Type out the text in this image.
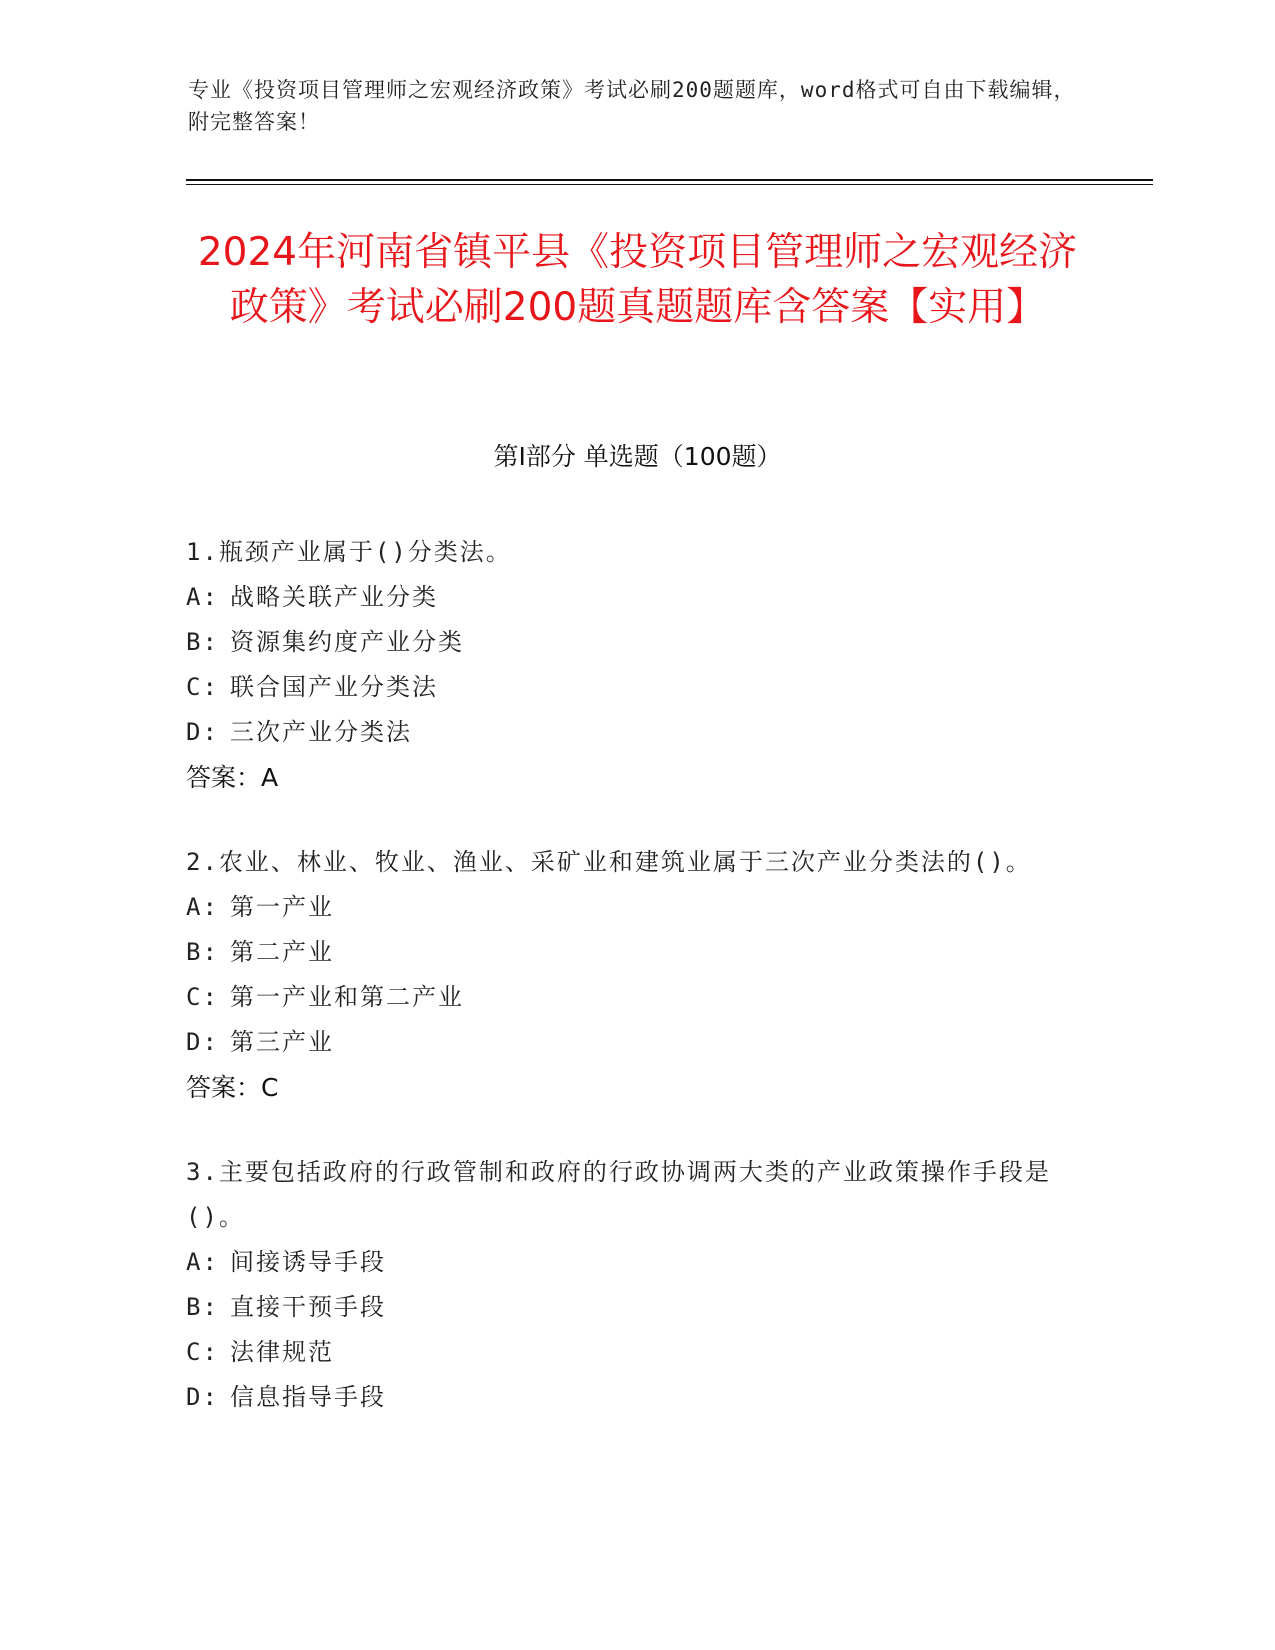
专业《投资项目管理师之宏观经济政策》考试必刷200题题库，word格式可自由下载编辑，附完整答案！
2024年河南省镇平县《投资项目管理师之宏观经济政策》考试必刷200题真题题库含答案【实用】
第I部分 单选题（100题）
1.瓶颈产业属于()分类法。
A: 战略关联产业分类
B: 资源集约度产业分类
C: 联合国产业分类法
D: 三次产业分类法
答案：A
2.农业、林业、牧业、渔业、采矿业和建筑业属于三次产业分类法的()。
A: 第一产业
B: 第二产业
C: 第一产业和第二产业
D: 第三产业
答案：C
3.主要包括政府的行政管制和政府的行政协调两大类的产业政策操作手段是()。
A: 间接诱导手段
B: 直接干预手段
C: 法律规范
D: 信息指导手段
